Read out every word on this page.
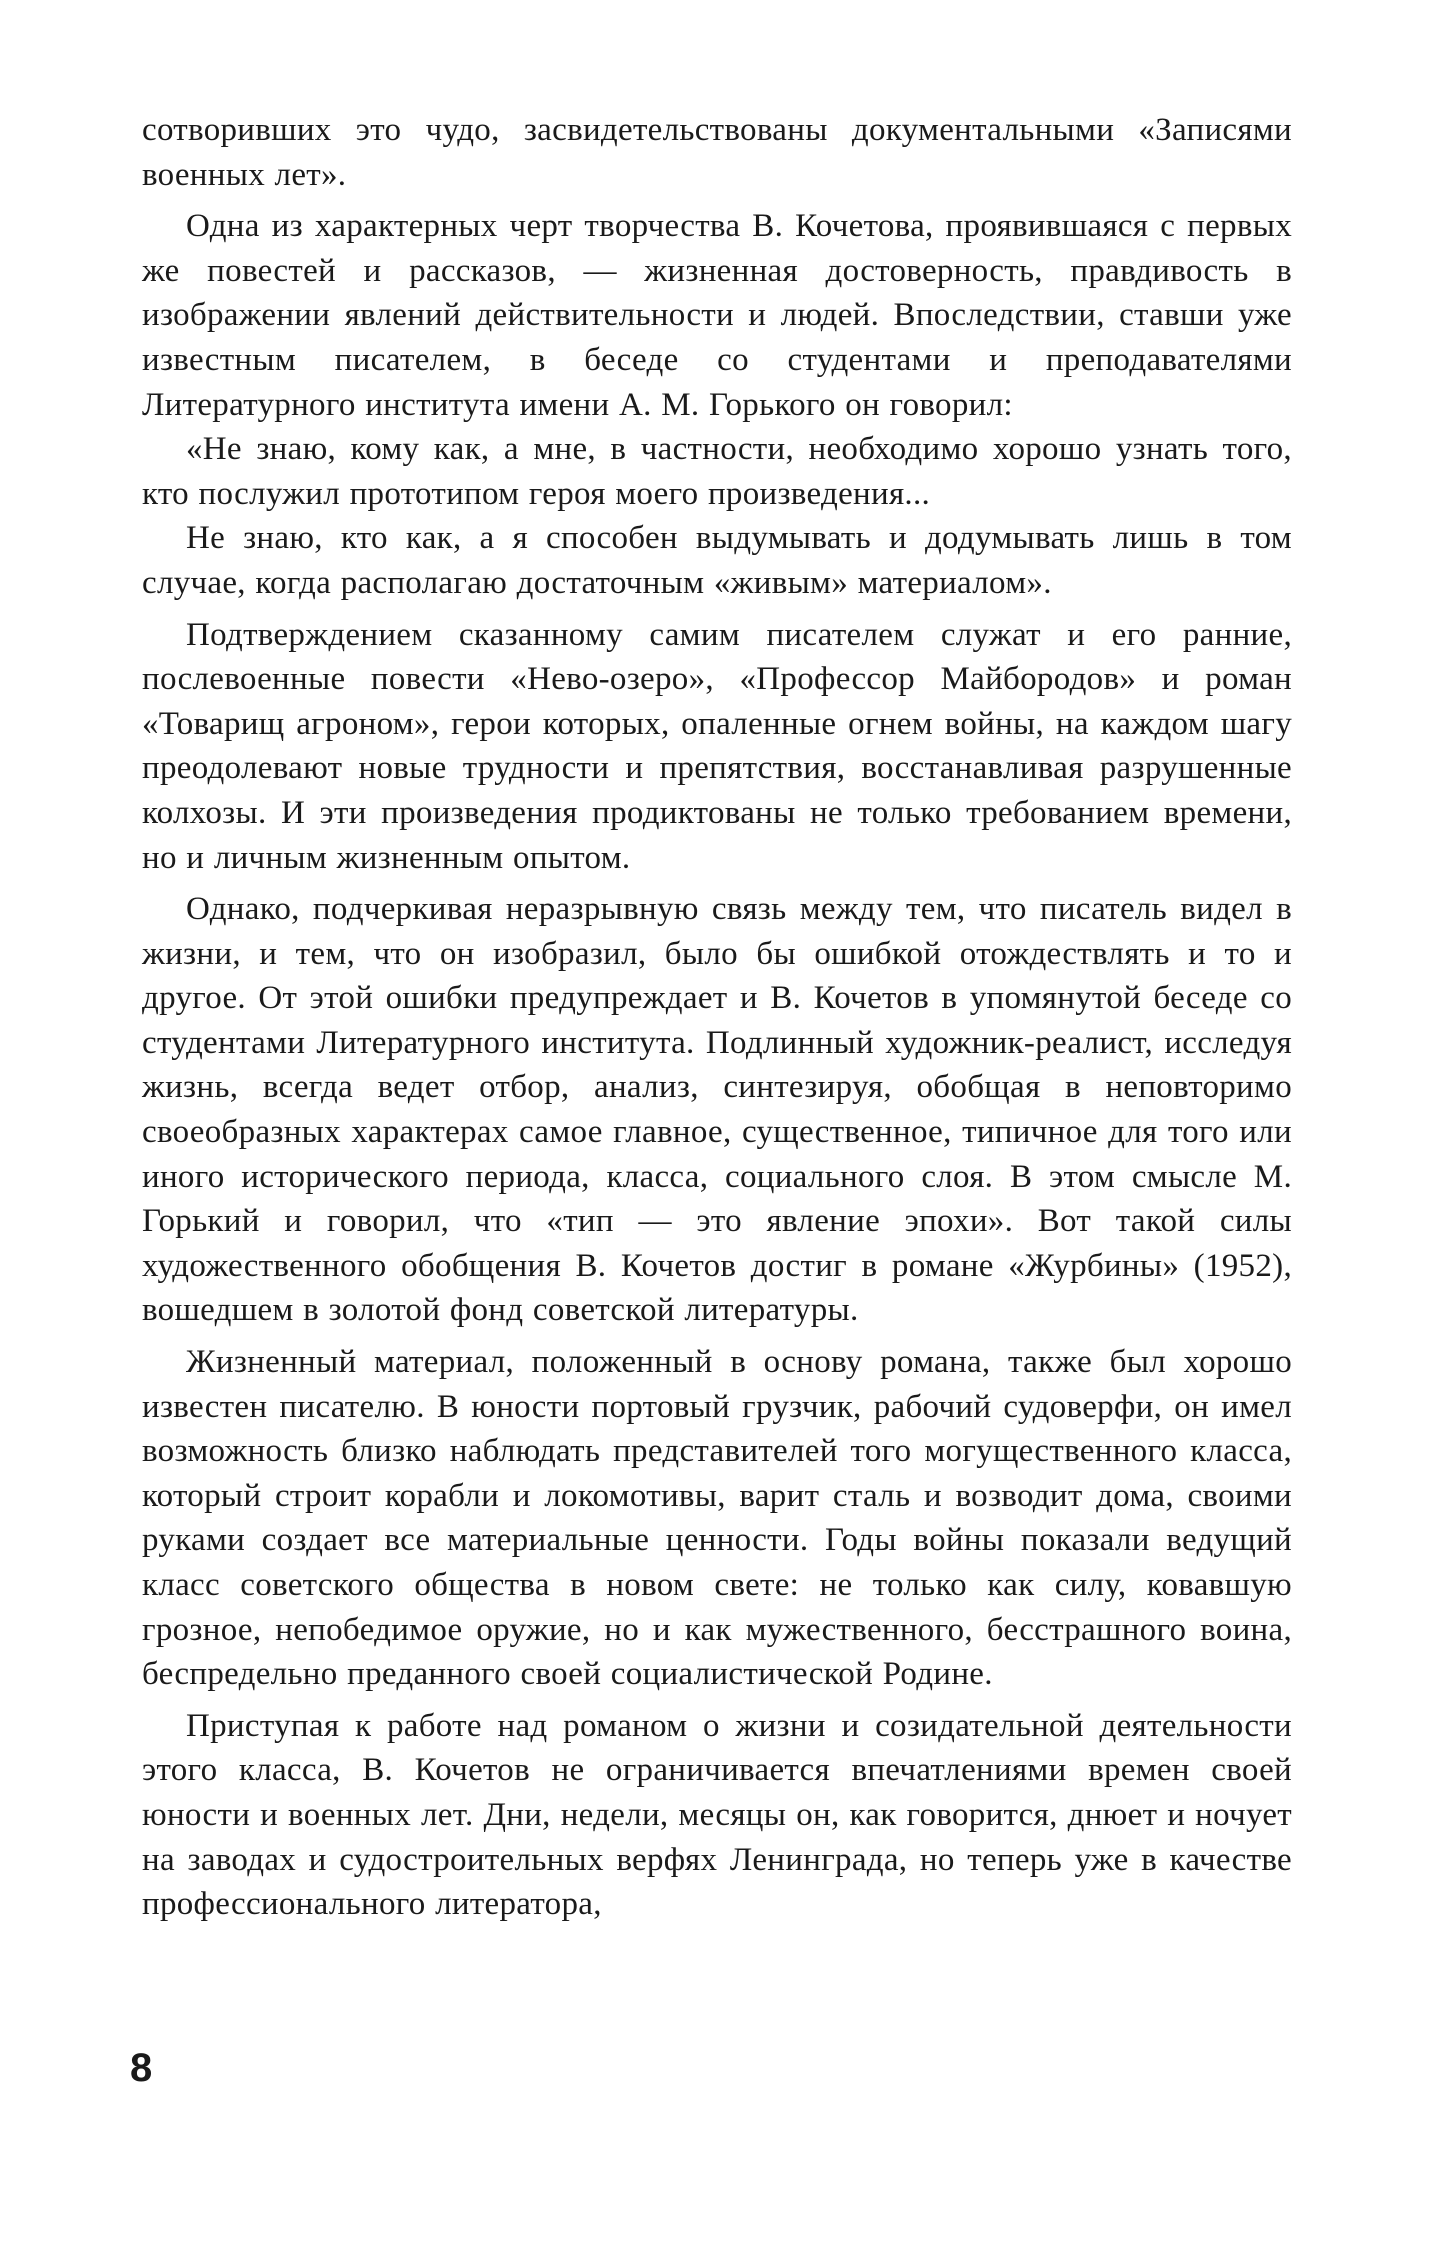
сотворивших это чудо, засвидетельствованы документальными «Записями военных лет».

Одна из характерных черт творчества В. Кочетова, проявившаяся с первых же повестей и рассказов, — жизненная достоверность, правдивость в изображении явлений действительности и людей. Впоследствии, ставши уже известным писателем, в беседе со студентами и преподавателями Литературного института имени А. М. Горького он говорил:

«Не знаю, кому как, а мне, в частности, необходимо хорошо узнать того, кто послужил прототипом героя моего произведения...

Не знаю, кто как, а я способен выдумывать и додумывать лишь в том случае, когда располагаю достаточным «живым» материалом».

Подтверждением сказанному самим писателем служат и его ранние, послевоенные повести «Нево-озеро», «Профессор Майбородов» и роман «Товарищ агроном», герои которых, опаленные огнем войны, на каждом шагу преодолевают новые трудности и препятствия, восстанавливая разрушенные колхозы. И эти произведения продиктованы не только требованием времени, но и личным жизненным опытом.

Однако, подчеркивая неразрывную связь между тем, что писатель видел в жизни, и тем, что он изобразил, было бы ошибкой отождествлять и то и другое. От этой ошибки предупреждает и В. Кочетов в упомянутой беседе со студентами Литературного института. Подлинный художник-реалист, исследуя жизнь, всегда ведет отбор, анализ, синтезируя, обобщая в неповторимо своеобразных характерах самое главное, существенное, типичное для того или иного исторического периода, класса, социального слоя. В этом смысле М. Горький и говорил, что «тип — это явление эпохи». Вот такой силы художественного обобщения В. Кочетов достиг в романе «Журбины» (1952), вошедшем в золотой фонд советской литературы.

Жизненный материал, положенный в основу романа, также был хорошо известен писателю. В юности портовый грузчик, рабочий судоверфи, он имел возможность близко наблюдать представителей того могущественного класса, который строит корабли и локомотивы, варит сталь и возводит дома, своими руками создает все материальные ценности. Годы войны показали ведущий класс советского общества в новом свете: не только как силу, ковавшую грозное, непобедимое оружие, но и как мужественного, бесстрашного воина, беспредельно преданного своей социалистической Родине.

Приступая к работе над романом о жизни и созидательной деятельности этого класса, В. Кочетов не ограничивается впечатлениями времен своей юности и военных лет. Дни, недели, месяцы он, как говорится, днюет и ночует на заводах и судостроительных верфях Ленинграда, но теперь уже в качестве профессионального литератора,

8
